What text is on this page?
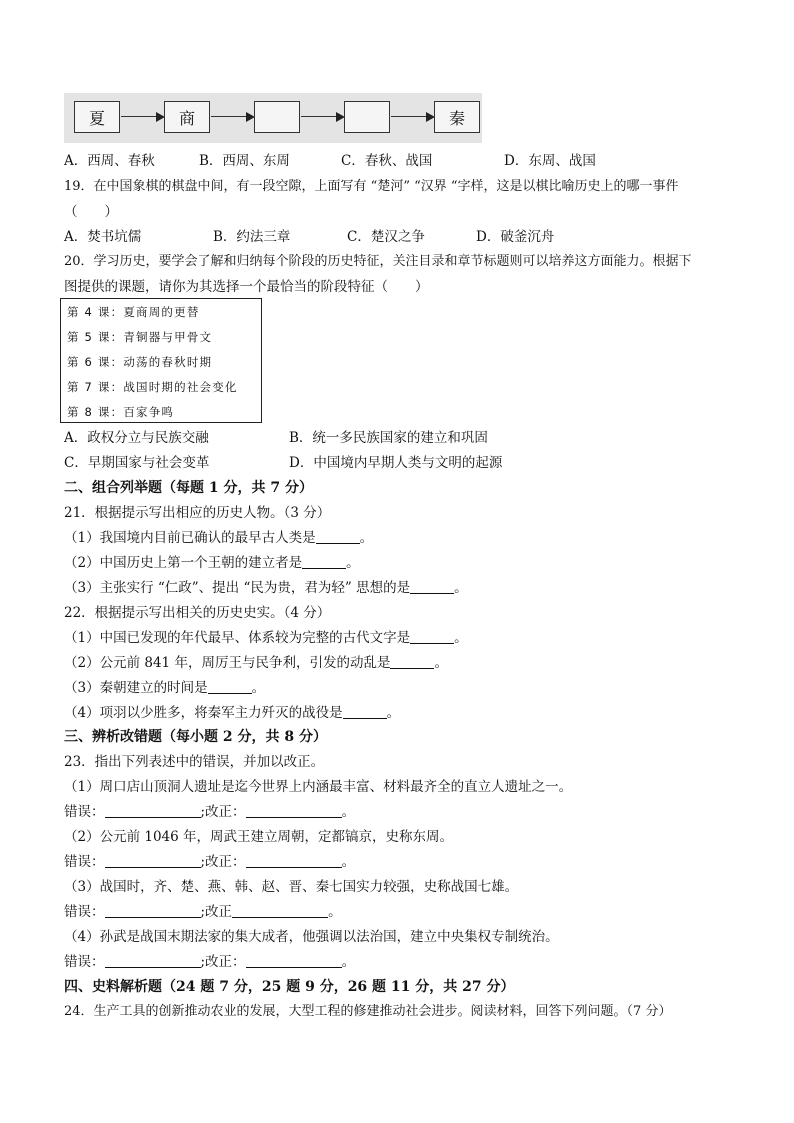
夏	商	秦
A．西周、春秋	B．西周、东周	C．春秋、战国	D．东周、战国
19．在中国象棋的棋盘中间，有一段空隙，上面写有 “楚河” “汉界 “字样，这是以棋比喻历史上的哪一事件
（　　）
A．焚书坑儒	B．约法三章	C．楚汉之争	D．破釜沉舟
20．学习历史，要学会了解和归纳每个阶段的历史特征，关注目录和章节标题则可以培养这方面能力。根据下
图提供的课题，请你为其选择一个最恰当的阶段特征（　　）
第 4 课：夏商周的更替
第 5 课：青铜器与甲骨文
第 6 课：动荡的春秋时期
第 7 课：战国时期的社会变化
第 8 课：百家争鸣
A．政权分立与民族交融	B．统一多民族国家的建立和巩固
C．早期国家与社会变革	D．中国境内早期人类与文明的起源
二、组合列举题（每题 1 分，共 7 分）
21．根据提示写出相应的历史人物。（3 分）
（1）我国境内目前已确认的最早古人类是	。
（2）中国历史上第一个王朝的建立者是	。
（3）主张实行 “仁政”、提出 “民为贵，君为轻” 思想的是	。
22．根据提示写出相关的历史史实。（4 分）
（1）中国已发现的年代最早、体系较为完整的古代文字是	。
（2）公元前 841 年，周厉王与民争利，引发的动乱是	。
（3）秦朝建立的时间是	。
（4）项羽以少胜多，将秦军主力歼灭的战役是	。
三、辨析改错题（每小题 2 分，共 8 分）
23．指出下列表述中的错误，并加以改正。
（1）周口店山顶洞人遗址是迄今世界上内涵最丰富、材料最齐全的直立人遗址之一。
错误：	;改正：	。
（2）公元前 1046 年，周武王建立周朝，定都镐京，史称东周。
错误：	;改正：	。
（3）战国时，齐、楚、燕、韩、赵、晋、秦七国实力较强，史称战国七雄。
错误：	;改正	。
（4）孙武是战国末期法家的集大成者，他强调以法治国，建立中央集权专制统治。
错误：	;改正：	。
四、史料解析题（24 题 7 分，25 题 9 分，26 题 11 分，共 27 分）
24．生产工具的创新推动农业的发展，大型工程的修建推动社会进步。阅读材料，回答下列问题。（7 分）
